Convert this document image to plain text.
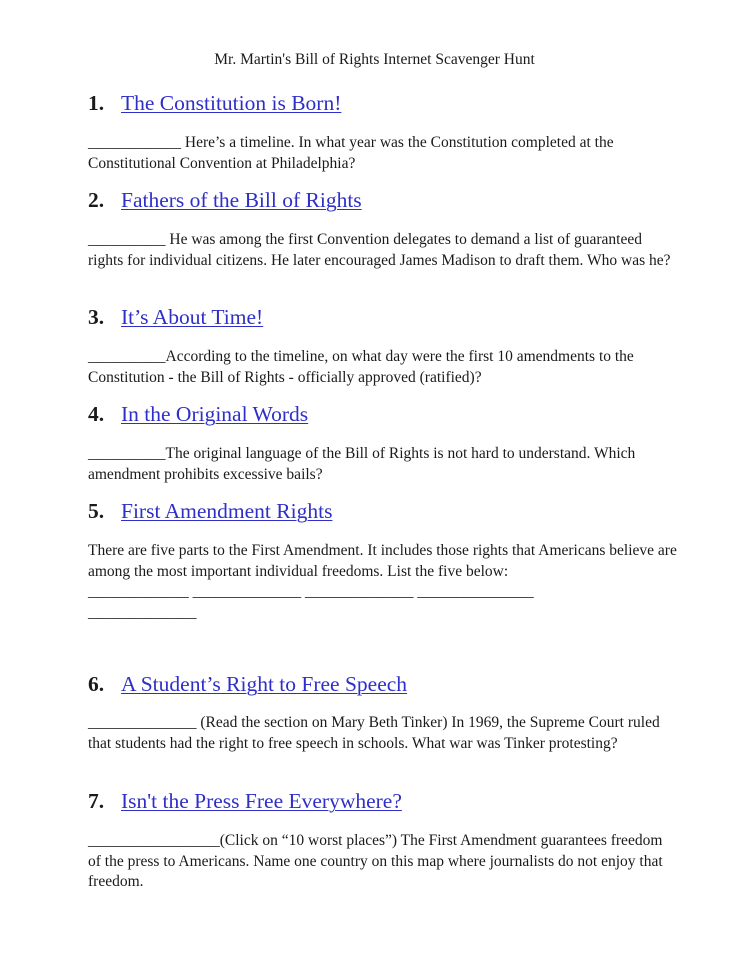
Mr. Martin's Bill of Rights Internet Scavenger Hunt
1. The Constitution is Born!

____________ Here’s a timeline. In what year was the Constitution completed at the Constitutional Convention at Philadelphia?

2. Fathers of the Bill of Rights

__________ He was among the first Convention delegates to demand a list of guaranteed rights for individual citizens. He later encouraged James Madison to draft them. Who was he?

3. It’s About Time!

__________According to the timeline, on what day were the first 10 amendments to the Constitution - the Bill of Rights - officially approved (ratified)?

4. In the Original Words

__________The original language of the Bill of Rights is not hard to understand. Which amendment prohibits excessive bails?

5. First Amendment Rights

There are five parts to the First Amendment. It includes those rights that Americans believe are among the most important individual freedoms. List the five below:
_____________ ______________ ______________ _______________
______________

6. A Student’s Right to Free Speech

______________ (Read the section on Mary Beth Tinker) In 1969, the Supreme Court ruled that students had the right to free speech in schools. What war was Tinker protesting?

7. Isn't the Press Free Everywhere?

_________________(Click on “10 worst places”) The First Amendment guarantees freedom of the press to Americans. Name one country on this map where journalists do not enjoy that freedom.
